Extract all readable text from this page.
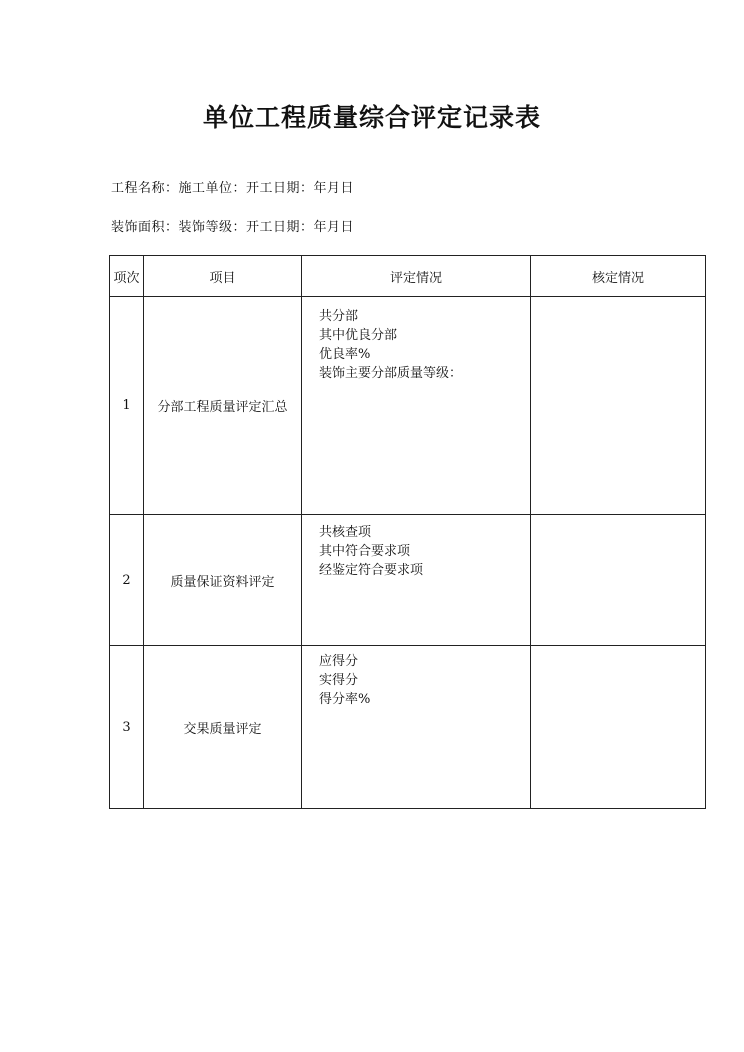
单位工程质量综合评定记录表
工程名称：施工单位：开工日期：年月日
装饰面积：装饰等级：开工日期：年月日
项次	项目	评定情况	核定情况
1	分部工程质量评定汇总	共分部
其中优良分部
优良率%
装饰主要分部质量等级：	

2	质量保证资料评定	共核查项
其中符合要求项
经鉴定符合要求项	

3	交果质量评定	应得分
实得分
得分率%	
